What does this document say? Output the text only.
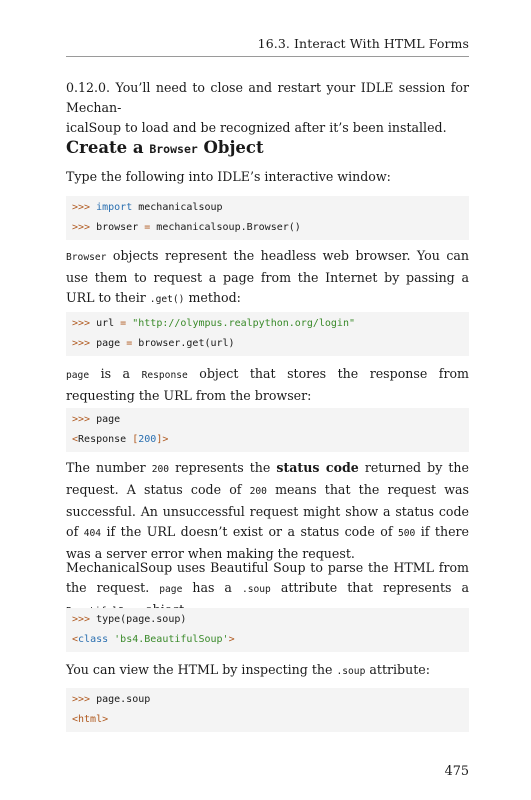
16.3. Interact With HTML Forms

0.12.0. You’ll need to close and restart your IDLE session for Mechan-
icalSoup to load and be recognized after it’s been installed.

Create a Browser Object

Type the following into IDLE’s interactive window:

>>> import mechanicalsoup
>>> browser = mechanicalsoup.Browser()

Browser objects represent the headless web browser. You can use them to request a page from the Internet by passing a URL to their .get() method:

>>> url = "http://olympus.realpython.org/login"
>>> page = browser.get(url)

page is a Response object that stores the response from requesting the URL from the browser:

>>> page
<Response [200]>

The number 200 represents the status code returned by the request. A status code of 200 means that the request was successful. An unsuccessful request might show a status code of 404 if the URL doesn’t exist or a status code of 500 if there was a server error when making the request.

MechanicalSoup uses Beautiful Soup to parse the HTML from the request. page has a .soup attribute that represents a

>>> type(page.soup)
<class 'bs4.BeautifulSoup'>

You can view the HTML by inspecting the .soup attribute:

>>> page.soup
<html>
475
